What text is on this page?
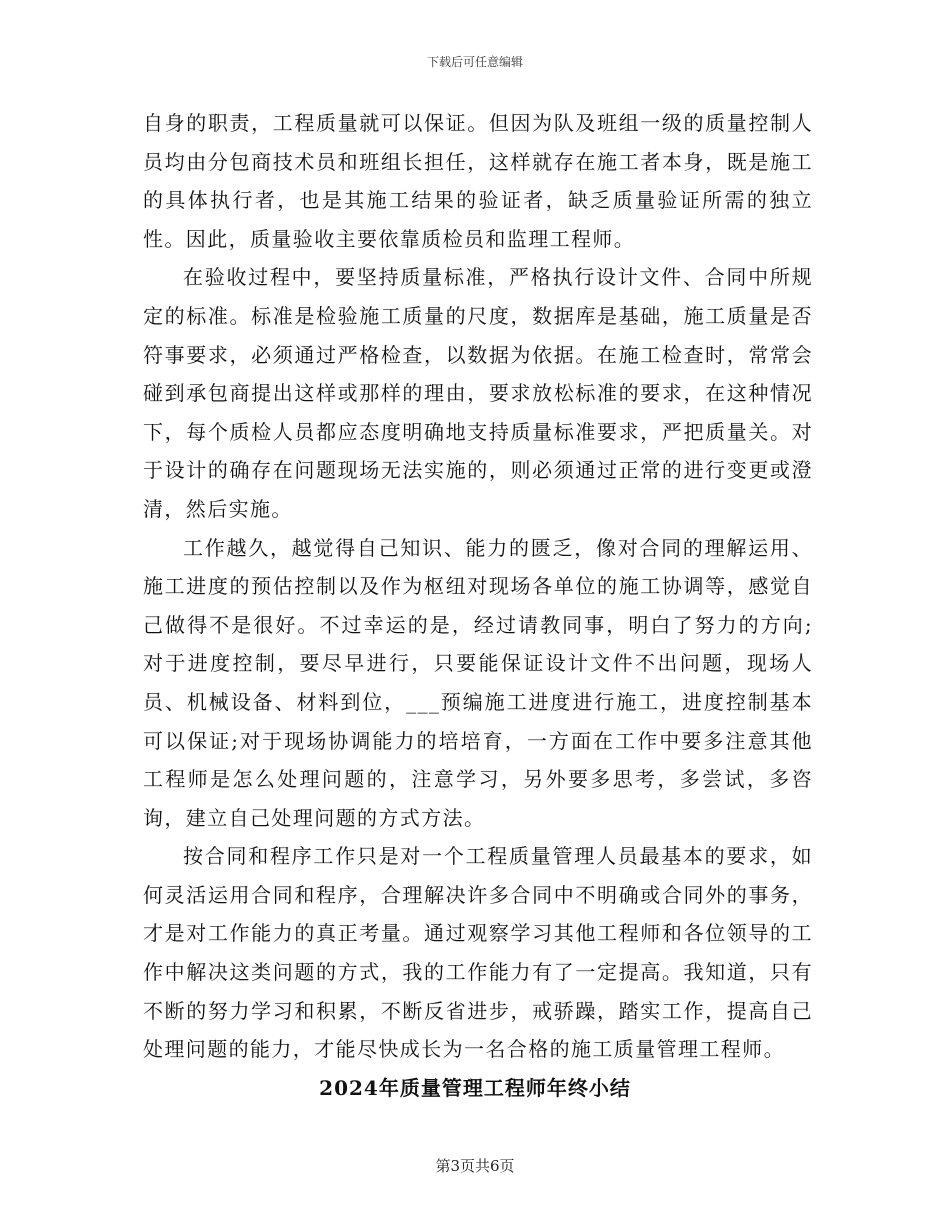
下载后可任意编辑

自身的职责，工程质量就可以保证。但因为队及班组一级的质量控制人员均由分包商技术员和班组长担任，这样就存在施工者本身，既是施工的具体执行者，也是其施工结果的验证者，缺乏质量验证所需的独立性。因此，质量验收主要依靠质检员和监理工程师。

在验收过程中，要坚持质量标准，严格执行设计文件、合同中所规定的标准。标准是检验施工质量的尺度，数据库是基础，施工质量是否符事要求，必须通过严格检查，以数据为依据。在施工检查时，常常会碰到承包商提出这样或那样的理由，要求放松标准的要求，在这种情况下，每个质检人员都应态度明确地支持质量标准要求，严把质量关。对于设计的确存在问题现场无法实施的，则必须通过正常的进行变更或澄清，然后实施。

工作越久，越觉得自己知识、能力的匮乏，像对合同的理解运用、施工进度的预估控制以及作为枢纽对现场各单位的施工协调等，感觉自己做得不是很好。不过幸运的是，经过请教同事，明白了努力的方向;对于进度控制，要尽早进行，只要能保证设计文件不出问题，现场人员、机械设备、材料到位，___预编施工进度进行施工，进度控制基本可以保证;对于现场协调能力的培培育，一方面在工作中要多注意其他工程师是怎么处理问题的，注意学习，另外要多思考，多尝试，多咨询，建立自己处理问题的方式方法。

按合同和程序工作只是对一个工程质量管理人员最基本的要求，如何灵活运用合同和程序，合理解决许多合同中不明确或合同外的事务，才是对工作能力的真正考量。通过观察学习其他工程师和各位领导的工作中解决这类问题的方式，我的工作能力有了一定提高。我知道，只有不断的努力学习和积累，不断反省进步，戒骄躁，踏实工作，提高自己处理问题的能力，才能尽快成长为一名合格的施工质量管理工程师。

2024年质量管理工程师年终小结
第3页共6页
